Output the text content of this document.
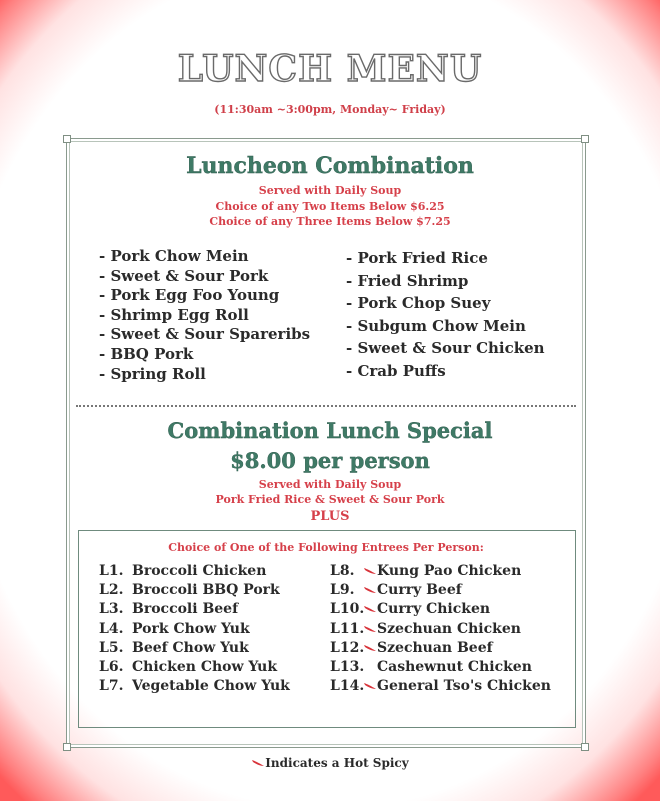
LUNCH MENU
(11:30am ~3:00pm, Monday~ Friday)
Luncheon Combination
Served with Daily Soup
Choice of any Two Items Below $6.25
Choice of any Three Items Below $7.25
- Pork Chow Mein
- Sweet & Sour Pork
- Pork Egg Foo Young
- Shrimp Egg Roll
- Sweet & Sour Spareribs
- BBQ Pork
- Spring Roll
- Pork Fried Rice
- Fried Shrimp
- Pork Chop Suey
- Subgum Chow Mein
- Sweet & Sour Chicken
- Crab Puffs
Combination Lunch Special
$8.00 per person
Served with Daily Soup
Pork Fried Rice & Sweet & Sour Pork
PLUS
Choice of One of the Following Entrees Per Person:
L1. Broccoli Chicken
L2. Broccoli BBQ Pork
L3. Broccoli Beef
L4. Pork Chow Yuk
L5. Beef Chow Yuk
L6. Chicken Chow Yuk
L7. Vegetable Chow Yuk
L8. Kung Pao Chicken
L9. Curry Beef
L10. Curry Chicken
L11. Szechuan Chicken
L12. Szechuan Beef
L13. Cashewnut Chicken
L14. General Tso's Chicken
Indicates a Hot Spicy
